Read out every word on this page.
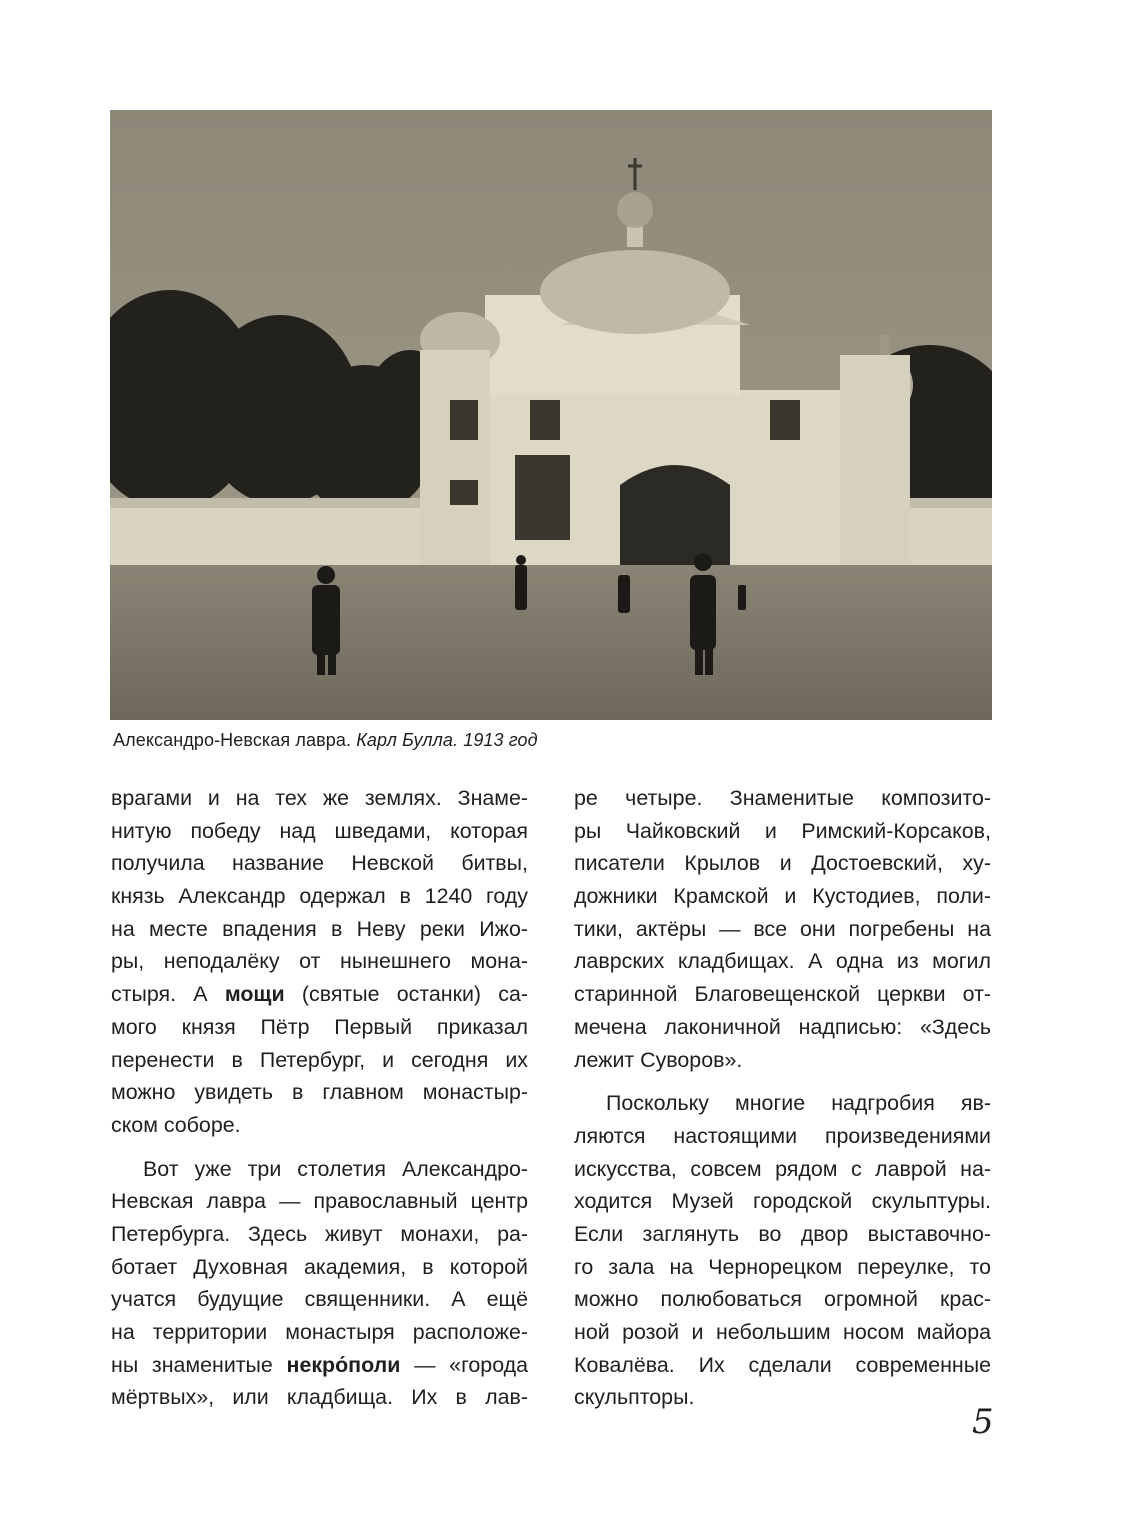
Александро-Невская лавра. Карл Булла. 1913 год
врагами и на тех же землях. Знаме-
нитую победу над шведами, которая
получила название Невской битвы,
князь Александр одержал в 1240 году
на месте впадения в Неву реки Ижо-
ры, неподалёку от нынешнего мона-
стыря. А мощи (святые останки) са-
мого князя Пётр Первый приказал
перенести в Петербург, и сегодня их
можно увидеть в главном монастыр-
ском соборе.
Вот уже три столетия Александро-
Невская лавра — православный центр
Петербурга. Здесь живут монахи, ра-
ботает Духовная академия, в которой
учатся будущие священники. А ещё
на территории монастыря расположе-
ны знаменитые некро́поли — «города
мёртвых», или кладбища. Их в лав-
ре четыре. Знаменитые композито-
ры Чайковский и Римский-Корсаков,
писатели Крылов и Достоевский, ху-
дожники Крамской и Кустодиев, поли-
тики, актёры — все они погребены на
лаврских кладбищах. А одна из могил
старинной Благовещенской церкви от-
мечена лаконичной надписью: «Здесь
лежит Суворов».
Поскольку многие надгробия яв-
ляются настоящими произведениями
искусства, совсем рядом с лаврой на-
ходится Музей городской скульптуры.
Если заглянуть во двор выставочно-
го зала на Чернорецком переулке, то
можно полюбоваться огромной крас-
ной розой и небольшим носом майора
Ковалёва. Их сделали современные
скульпторы.
5
